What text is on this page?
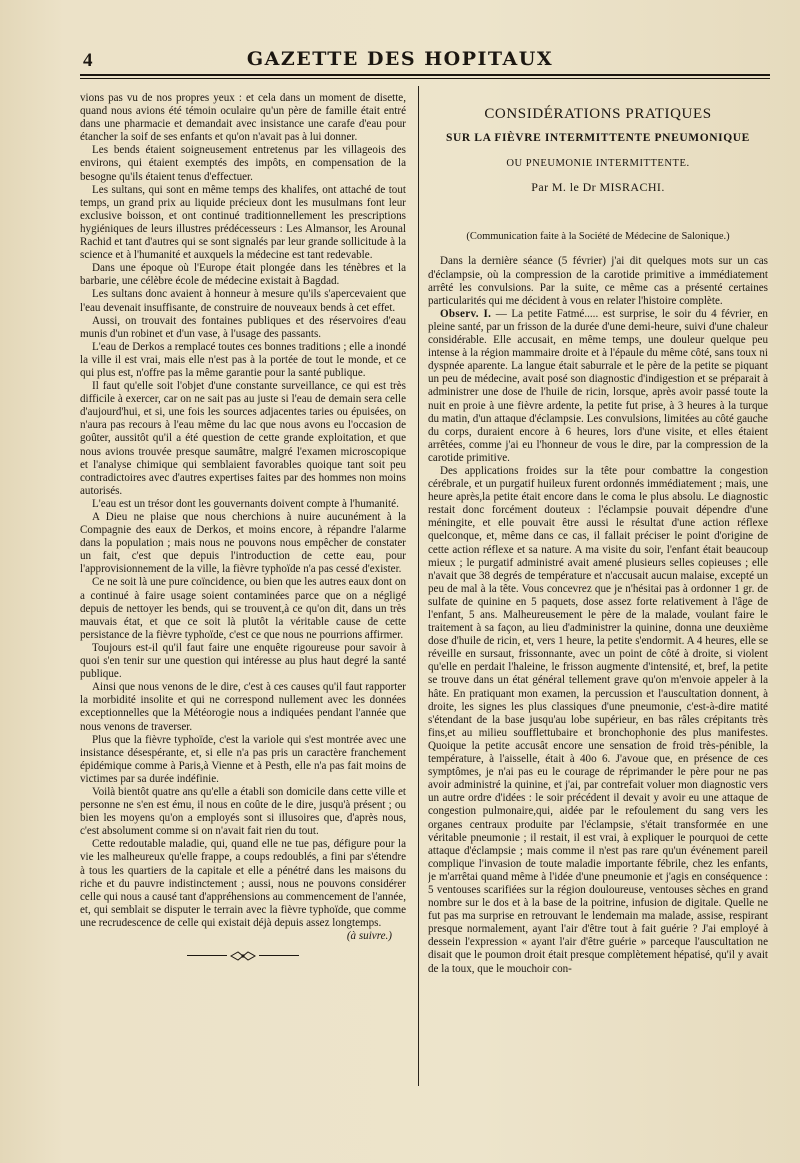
4	GAZETTE DES HOPITAUX

vions pas vu de nos propres yeux : et cela dans un moment de disette, quand nous avions été témoin oculaire qu'un père de famille était entré dans une pharmacie et demandait avec insistance une carafe d'eau pour étancher la soif de ses enfants et qu'on n'avait pas à lui donner.

Les bends étaient soigneusement entretenus par les villageois des environs, qui étaient exemptés des impôts, en compensation de la besogne qu'ils étaient tenus d'effectuer.

Les sultans, qui sont en même temps des khalifes, ont attaché de tout temps, un grand prix au liquide précieux dont les musulmans font leur exclusive boisson, et ont continué traditionnellement les prescriptions hygiéniques de leurs illustres prédécesseurs : Les Almansor, les Arounal Rachid et tant d'autres qui se sont signalés par leur grande sollicitude à la science et à l'humanité et auxquels la médecine est tant redevable.

Dans une époque où l'Europe était plongée dans les ténèbres et la barbarie, une célèbre école de médecine existait à Bagdad.

Les sultans donc avaient à honneur à mesure qu'ils s'apercevaient que l'eau devenait insuffisante, de construire de nouveaux bends à cet effet.

Aussi, on trouvait des fontaines publiques et des réservoires d'eau munis d'un robinet et d'un vase, à l'usage des passants.

L'eau de Derkos a remplacé toutes ces bonnes traditions ; elle a inondé la ville il est vrai, mais elle n'est pas à la portée de tout le monde, et ce qui plus est, n'offre pas la même garantie pour la santé publique.

Il faut qu'elle soit l'objet d'une constante surveillance, ce qui est très difficile à exercer, car on ne sait pas au juste si l'eau de demain sera celle d'aujourd'hui, et si, une fois les sources adjacentes taries ou épuisées, on n'aura pas recours à l'eau même du lac que nous avons eu l'occasion de goûter, aussitôt qu'il a été question de cette grande exploitation, et que nous avions trouvée presque saumâtre, malgré l'examen microscopique et l'analyse chimique qui semblaient favorables quoique tant soit peu contradictoires avec d'autres expertises faites par des hommes non moins autorisés.

L'eau est un trésor dont les gouvernants doivent compte à l'humanité.

A Dieu ne plaise que nous cherchions à nuire aucunément à la Compagnie des eaux de Derkos, et moins encore, à répandre l'alarme dans la population ; mais nous ne pouvons nous empêcher de constater un fait, c'est que depuis l'introduction de cette eau, pour l'approvisionnement de la ville, la fièvre typhoïde n'a pas cessé d'exister.

Ce ne soit là une pure coïncidence, ou bien que les autres eaux dont on a continué à faire usage soient contaminées parce que on a négligé depuis de nettoyer les bends, qui se trouvent,à ce qu'on dit, dans un très mauvais état, et que ce soit là plutôt la véritable cause de cette persistance de la fièvre typhoïde, c'est ce que nous ne pourrions affirmer.

Toujours est-il qu'il faut faire une enquête rigoureuse pour savoir à quoi s'en tenir sur une question qui intéresse au plus haut degré la santé publique.

Ainsi que nous venons de le dire, c'est à ces causes qu'il faut rapporter la morbidité insolite et qui ne correspond nullement avec les données exceptionnelles que la Météorogie nous a indiquées pendant l'année que nous venons de traverser.

Plus que la fièvre typhoïde, c'est la variole qui s'est montrée avec une insistance désespérante, et, si elle n'a pas pris un caractère franchement épidémique comme à Paris,à Vienne et à Pesth, elle n'a pas fait moins de victimes par sa durée indéfinie.

Voilà bientôt quatre ans qu'elle a établi son domicile dans cette ville et personne ne s'en est ému, il nous en coûte de le dire, jusqu'à présent ; ou bien les moyens qu'on a employés sont si illusoires que, d'après nous, c'est absolument comme si on n'avait fait rien du tout.

Cette redoutable maladie, qui, quand elle ne tue pas, défigure pour la vie les malheureux qu'elle frappe, a coups redoublés, a fini par s'étendre à tous les quartiers de la capitale et elle a pénétré dans les maisons du riche et du pauvre indistinctement ; aussi, nous ne pouvons considérer celle qui nous a causé tant d'appréhensions au commencement de l'année, et, qui semblait se disputer le terrain avec la fièvre typhoïde, que comme une recrudescence de celle qui existait déjà depuis assez longtemps.

(à suivre.)

CONSIDÉRATIONS PRATIQUES
SUR LA FIÈVRE INTERMITTENTE PNEUMONIQUE
OU PNEUMONIE INTERMITTENTE.
Par M. le Dr MISRACHI.
(Communication faite à la Société de Médecine de Salonique.)

Dans la dernière séance (5 février) j'ai dit quelques mots sur un cas d'éclampsie, où la compression de la carotide primitive a immédiatement arrêté les convulsions. Par la suite, ce même cas a présenté certaines particularités qui me décident à vous en relater l'histoire complète.

Observ. I. — La petite Fatmé..... est surprise, le soir du 4 février, en pleine santé, par un frisson de la durée d'une demi-heure, suivi d'une chaleur considérable. Elle accusait, en même temps, une douleur quelque peu intense à la région mammaire droite et à l'épaule du même côté, sans toux ni dyspnée aparente. La langue était saburrale et le père de la petite se piquant un peu de médecine, avait posé son diagnostic d'indigestion et se préparait à administrer une dose de l'huile de ricin, lorsque, après avoir passé toute la nuit en proie à une fièvre ardente, la petite fut prise, à 3 heures à la turque du matin, d'un attaque d'éclampsie. Les convulsions, limitées au côté gauche du corps, duraient encore à 6 heures, lors d'une visite, et elles étaient arrêtées, comme j'ai eu l'honneur de vous le dire, par la compression de la carotide primitive.

Des applications froides sur la tête pour combattre la congestion cérébrale, et un purgatif huileux furent ordonnés immédiatement ; mais, une heure après,la petite était encore dans le coma le plus absolu. Le diagnostic restait donc forcément douteux : l'éclampsie pouvait dépendre d'une méningite, et elle pouvait être aussi le résultat d'une action réflexe quelconque, et, même dans ce cas, il fallait préciser le point d'origine de cette action réflexe et sa nature. A ma visite du soir, l'enfant était beaucoup mieux ; le purgatif administré avait amené plusieurs selles copieuses ; elle n'avait que 38 degrés de température et n'accusait aucun malaise, excepté un peu de mal à la tête. Vous concevrez que je n'hésitai pas à ordonner 1 gr. de sulfate de quinine en 5 paquets, dose assez forte relativement à l'âge de l'enfant, 5 ans. Malheureusement le père de la malade, voulant faire le traitement à sa façon, au lieu d'administrer la quinine, donna une deuxième dose d'huile de ricin, et, vers 1 heure, la petite s'endormit. A 4 heures, elle se réveille en sursaut, frissonnante, avec un point de côté à droite, si violent qu'elle en perdait l'haleine, le frisson augmente d'intensité, et, bref, la petite se trouve dans un état général tellement grave qu'on m'envoie appeler à la hâte. En pratiquant mon examen, la percussion et l'auscultation donnent, à droite, les signes les plus classiques d'une pneumonie, c'est-à-dire matité s'étendant de la base jusqu'au lobe supérieur, en bas râles crépitants très fins,et au milieu soufflettubaire et bronchophonie des plus manifestes. Quoique la petite accusât encore une sensation de froid très-pénible, la température, à l'aisselle, était à 40o 6. J'avoue que, en présence de ces symptômes, je n'ai pas eu le courage de réprimander le père pour ne pas avoir administré la quinine, et j'ai, par contrefait voluer mon diagnostic vers un autre ordre d'idées : le soir précédent il devait y avoir eu une attaque de congestion pulmonaire,qui, aidée par le refoulement du sang vers les organes centraux produite par l'éclampsie, s'était transformée en une véritable pneumonie ; il restait, il est vrai, à expliquer le pourquoi de cette attaque d'éclampsie ; mais comme il n'est pas rare qu'un événement pareil complique l'invasion de toute maladie importante fébrile, chez les enfants, je m'arrêtai quand même à l'idée d'une pneumonie et j'agis en conséquence : 5 ventouses scarifiées sur la région douloureuse, ventouses sèches en grand nombre sur le dos et à la base de la poitrine, infusion de digitale. Quelle ne fut pas ma surprise en retrouvant le lendemain ma malade, assise, respirant presque normalement, ayant l'air d'être tout à fait guérie ? J'ai employé à dessein l'expression « ayant l'air d'être guérie » parceque l'auscultation ne disait que le poumon droit était presque complètement hépatisé, qu'il y avait de la toux, que le mouchoir con-
